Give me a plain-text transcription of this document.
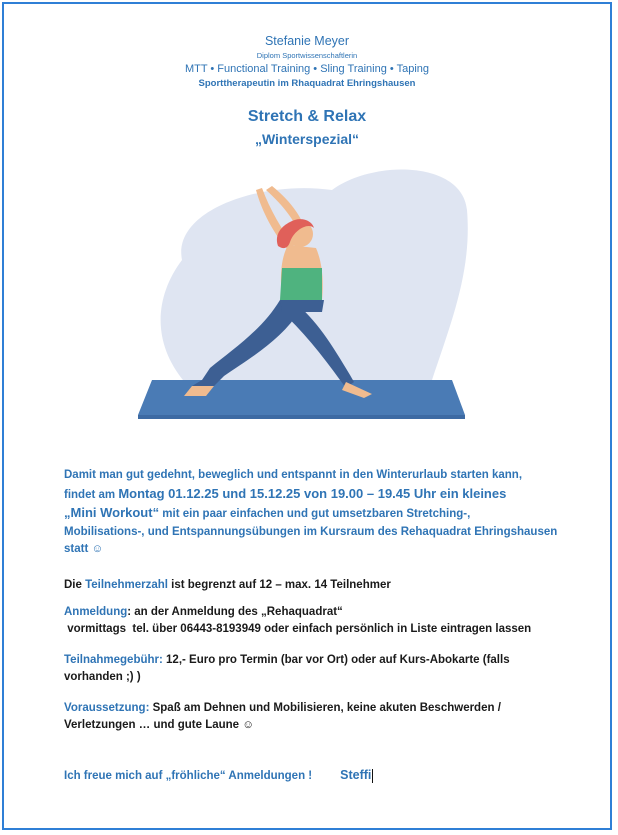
Stefanie Meyer
Diplom Sportwissenschaftlerin
MTT • Functional Training • Sling Training • Taping
Sporttherapeutin im Rhaquadrat Ehringshausen
Stretch & Relax
„Winterspezial“
Damit man gut gedehnt, beweglich und entspannt in den Winterurlaub starten kann,
findet am Montag 01.12.25 und 15.12.25 von 19.00 – 19.45 Uhr ein kleines
„Mini Workout“ mit ein paar einfachen und gut umsetzbaren Stretching-,
Mobilisations-, und Entspannungsübungen im Kursraum des Rehaquadrat Ehringshausen
statt ☺
Die Teilnehmerzahl ist begrenzt auf 12 – max. 14 Teilnehmer
Anmeldung: an der Anmeldung des „Rehaquadrat“
vormittags  tel. über 06443-8193949 oder einfach persönlich in Liste eintragen lassen
Teilnahmegebühr: 12,- Euro pro Termin (bar vor Ort) oder auf Kurs-Abokarte (falls
vorhanden ;) )
Voraussetzung: Spaß am Dehnen und Mobilisieren, keine akuten Beschwerden /
Verletzungen … und gute Laune ☺
Ich freue mich auf „fröhliche“ Anmeldungen ! Steffi
